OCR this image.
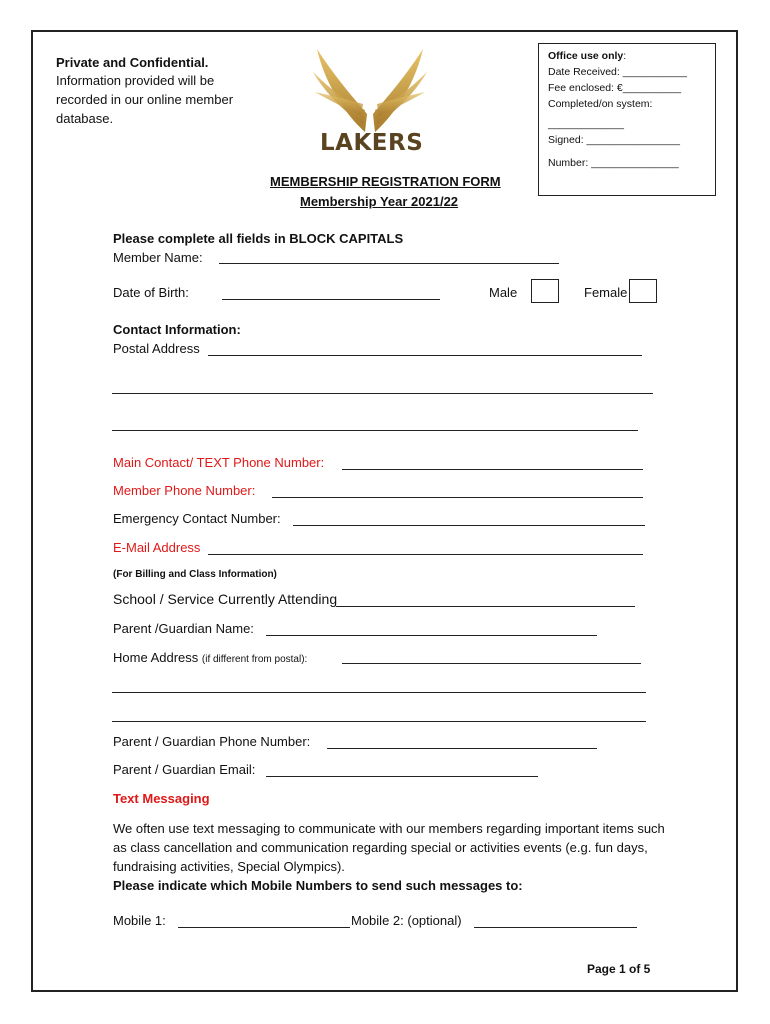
Private and Confidential.
Information provided will be
recorded in our online member
database.
LAKERS
Office use only:
Date Received: ___________
Fee enclosed: €__________
Completed/on system:
_____________
Signed: ________________
Number: _______________
MEMBERSHIP REGISTRATION FORM
Membership Year 2021/22
Please complete all fields in BLOCK CAPITALS
Member Name:
Date of Birth:	Male	Female
Contact Information:
Postal Address
Main Contact/ TEXT Phone Number:
Member Phone Number:
Emergency Contact Number:
E-Mail Address
(For Billing and Class Information)
School / Service Currently Attending
Parent /Guardian Name:
Home Address (if different from postal):
Parent / Guardian Phone Number:
Parent / Guardian Email:
Text Messaging
We often use text messaging to communicate with our members regarding important items such as class cancellation and communication regarding special or activities events (e.g. fun days, fundraising activities, Special Olympics).
Please indicate which Mobile Numbers to send such messages to:
Mobile 1:	Mobile 2: (optional)
Page 1 of 5
